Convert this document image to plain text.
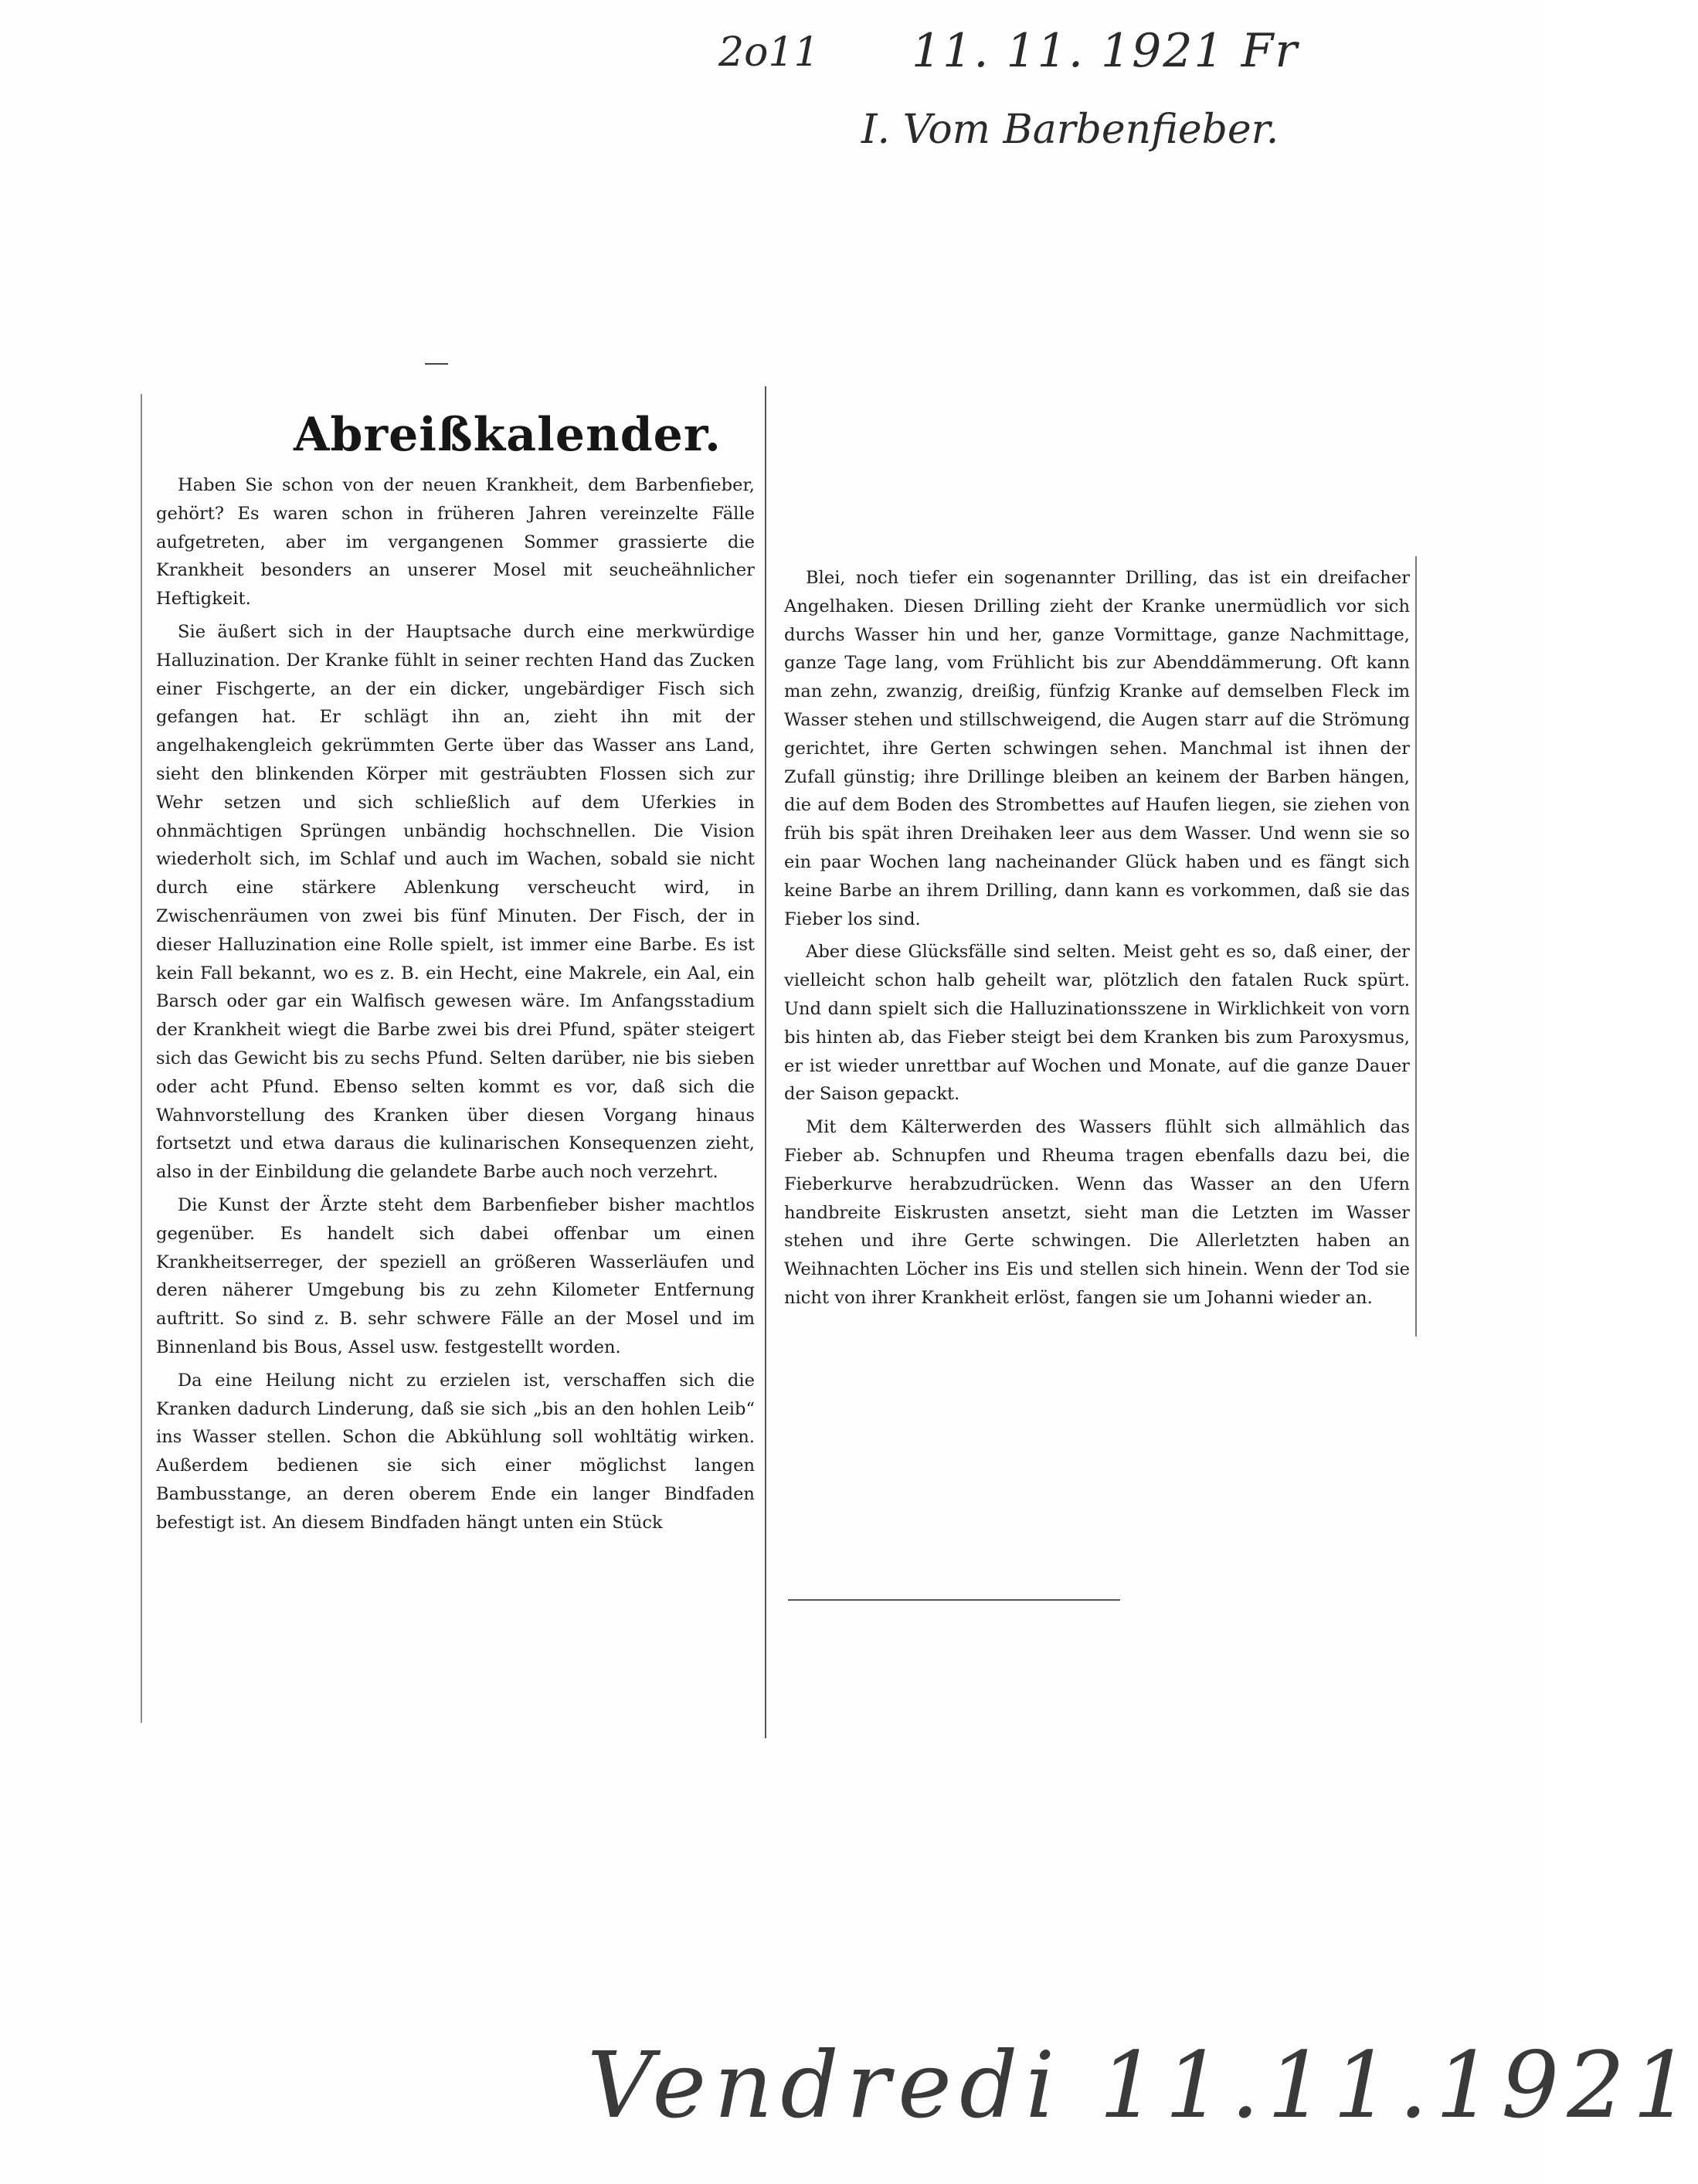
2o11 11. 11. 1921 Fr

I. Vom Barbenfieber.

Abreißkalender.

Haben Sie schon von der neuen Krankheit, dem Barbenfieber, gehört? Es waren schon in früheren Jahren vereinzelte Fälle aufgetreten, aber im vergangenen Sommer grassierte die Krankheit besonders an unserer Mosel mit seucheähnlicher Heftigkeit.

Sie äußert sich in der Hauptsache durch eine merkwürdige Halluzination. Der Kranke fühlt in seiner rechten Hand das Zucken einer Fischgerte, an der ein dicker, ungebärdiger Fisch sich gefangen hat. Er schlägt ihn an, zieht ihn mit der angelhakengleich gekrümmten Gerte über das Wasser ans Land, sieht den blinkenden Körper mit gesträubten Flossen sich zur Wehr setzen und sich schließlich auf dem Uferkies in ohnmächtigen Sprüngen unbändig hochschnellen. Die Vision wiederholt sich, im Schlaf und auch im Wachen, sobald sie nicht durch eine stärkere Ablenkung verscheucht wird, in Zwischenräumen von zwei bis fünf Minuten. Der Fisch, der in dieser Halluzination eine Rolle spielt, ist immer eine Barbe. Es ist kein Fall bekannt, wo es z. B. ein Hecht, eine Makrele, ein Aal, ein Barsch oder gar ein Walfisch gewesen wäre. Im Anfangsstadium der Krankheit wiegt die Barbe zwei bis drei Pfund, später steigert sich das Gewicht bis zu sechs Pfund. Selten darüber, nie bis sieben oder acht Pfund. Ebenso selten kommt es vor, daß sich die Wahnvorstellung des Kranken über diesen Vorgang hinaus fortsetzt und etwa daraus die kulinarischen Konsequenzen zieht, also in der Einbildung die gelandete Barbe auch noch verzehrt.

Die Kunst der Ärzte steht dem Barbenfieber bisher machtlos gegenüber. Es handelt sich dabei offenbar um einen Krankheitserreger, der speziell an größeren Wasserläufen und deren näherer Umgebung bis zu zehn Kilometer Entfernung auftritt. So sind z. B. sehr schwere Fälle an der Mosel und im Binnenland bis Bous, Assel usw. festgestellt worden.

Da eine Heilung nicht zu erzielen ist, verschaffen sich die Kranken dadurch Linderung, daß sie sich „bis an den hohlen Leib“ ins Wasser stellen. Schon die Abkühlung soll wohltätig wirken. Außerdem bedienen sie sich einer möglichst langen Bambusstange, an deren oberem Ende ein langer Bindfaden befestigt ist. An diesem Bindfaden hängt unten ein Stück

Blei, noch tiefer ein sogenannter Drilling, das ist ein dreifacher Angelhaken. Diesen Drilling zieht der Kranke unermüdlich vor sich durchs Wasser hin und her, ganze Vormittage, ganze Nachmittage, ganze Tage lang, vom Frühlicht bis zur Abenddämmerung. Oft kann man zehn, zwanzig, dreißig, fünfzig Kranke auf demselben Fleck im Wasser stehen und stillschweigend, die Augen starr auf die Strömung gerichtet, ihre Gerten schwingen sehen. Manchmal ist ihnen der Zufall günstig; ihre Drillinge bleiben an keinem der Barben hängen, die auf dem Boden des Strombettes auf Haufen liegen, sie ziehen von früh bis spät ihren Dreihaken leer aus dem Wasser. Und wenn sie so ein paar Wochen lang nacheinander Glück haben und es fängt sich keine Barbe an ihrem Drilling, dann kann es vorkommen, daß sie das Fieber los sind.

Aber diese Glücksfälle sind selten. Meist geht es so, daß einer, der vielleicht schon halb geheilt war, plötzlich den fatalen Ruck spürt. Und dann spielt sich die Halluzinationsszene in Wirklichkeit von vorn bis hinten ab, das Fieber steigt bei dem Kranken bis zum Paroxysmus, er ist wieder unrettbar auf Wochen und Monate, auf die ganze Dauer der Saison gepackt.

Mit dem Kälterwerden des Wassers flühlt sich allmählich das Fieber ab. Schnupfen und Rheuma tragen ebenfalls dazu bei, die Fieberkurve herabzudrücken. Wenn das Wasser an den Ufern handbreite Eiskrusten ansetzt, sieht man die Letzten im Wasser stehen und ihre Gerte schwingen. Die Allerletzten haben an Weihnachten Löcher ins Eis und stellen sich hinein. Wenn der Tod sie nicht von ihrer Krankheit erlöst, fangen sie um Johanni wieder an.

Vendredi 11.11.1921
